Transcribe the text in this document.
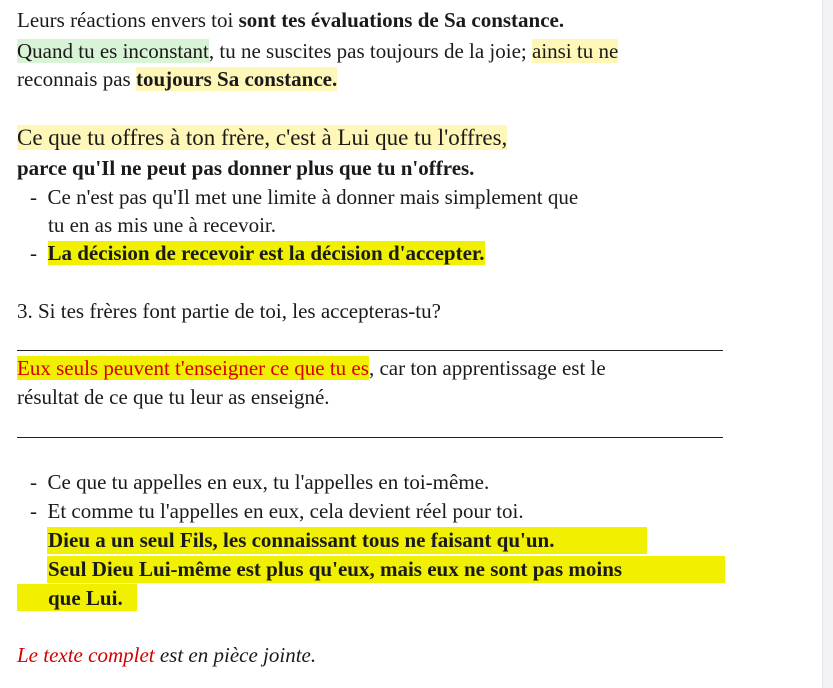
Leurs réactions envers toi sont tes évaluations de Sa constance.
Quand tu es inconstant, tu ne suscites pas toujours de la joie; ainsi tu ne
reconnais pas toujours Sa constance.
Ce que tu offres à ton frère, c'est à Lui que tu l'offres,
parce qu'Il ne peut pas donner plus que tu n'offres.
- Ce n'est pas qu'Il met une limite à donner mais simplement que
tu en as mis une à recevoir.
- La décision de recevoir est la décision d'accepter.
3. Si tes frères font partie de toi, les accepteras-tu?
Eux seuls peuvent t'enseigner ce que tu es, car ton apprentissage est le
résultat de ce que tu leur as enseigné.
- Ce que tu appelles en eux, tu l'appelles en toi-même.
- Et comme tu l'appelles en eux, cela devient réel pour toi.
Dieu a un seul Fils, les connaissant tous ne faisant qu'un.
Seul Dieu Lui-même est plus qu'eux, mais eux ne sont pas moins
que Lui.
Le texte complet est en pièce jointe.
